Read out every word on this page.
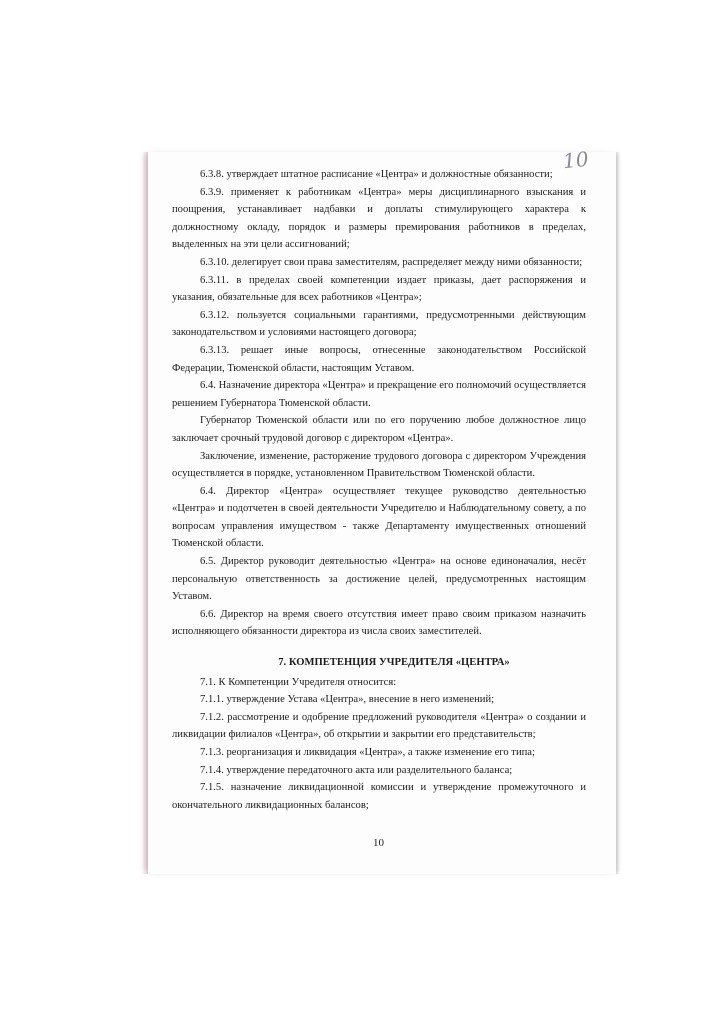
10

6.3.8. утверждает штатное расписание «Центра» и должностные обязанности;

6.3.9. применяет к работникам «Центра» меры дисциплинарного взыскания и поощрения, устанавливает надбавки и доплаты стимулирующего характера к должностному окладу, порядок и размеры премирования работников в пределах, выделенных на эти цели ассигнований;

6.3.10. делегирует свои права заместителям, распределяет между ними обязанности;

6.3.11. в пределах своей компетенции издает приказы, дает распоряжения и указания, обязательные для всех работников «Центра»;

6.3.12. пользуется социальными гарантиями, предусмотренными действующим законодательством и условиями настоящего договора;

6.3.13. решает иные вопросы, отнесенные законодательством Российской Федерации, Тюменской области, настоящим Уставом.

6.4. Назначение директора «Центра» и прекращение его полномочий осуществляется решением Губернатора Тюменской области.

Губернатор Тюменской области или по его поручению любое должностное лицо заключает срочный трудовой договор с директором «Центра».

Заключение, изменение, расторжение трудового договора с директором Учреждения осуществляется в порядке, установленном Правительством Тюменской области.

6.4. Директор «Центра» осуществляет текущее руководство деятельностью «Центра» и подотчетен в своей деятельности Учредителю и Наблюдательному совету, а по вопросам управления имуществом - также Департаменту имущественных отношений Тюменской области.

6.5. Директор руководит деятельностью «Центра» на основе единоначалия, несёт персональную ответственность за достижение целей, предусмотренных настоящим Уставом.

6.6. Директор на время своего отсутствия имеет право своим приказом назначить исполняющего обязанности директора из числа своих заместителей.

7. КОМПЕТЕНЦИЯ УЧРЕДИТЕЛЯ «ЦЕНТРА»

7.1. К Компетенции Учредителя относится:

7.1.1. утверждение Устава «Центра», внесение в него изменений;

7.1.2. рассмотрение и одобрение предложений руководителя «Центра» о создании и ликвидации филиалов «Центра», об открытии и закрытии его представительств;

7.1.3. реорганизация и ликвидация «Центра», а также изменение его типа;

7.1.4. утверждение передаточного акта или разделительного баланса;

7.1.5. назначение ликвидационной комиссии и утверждение промежуточного и окончательного ликвидационных балансов;

10
